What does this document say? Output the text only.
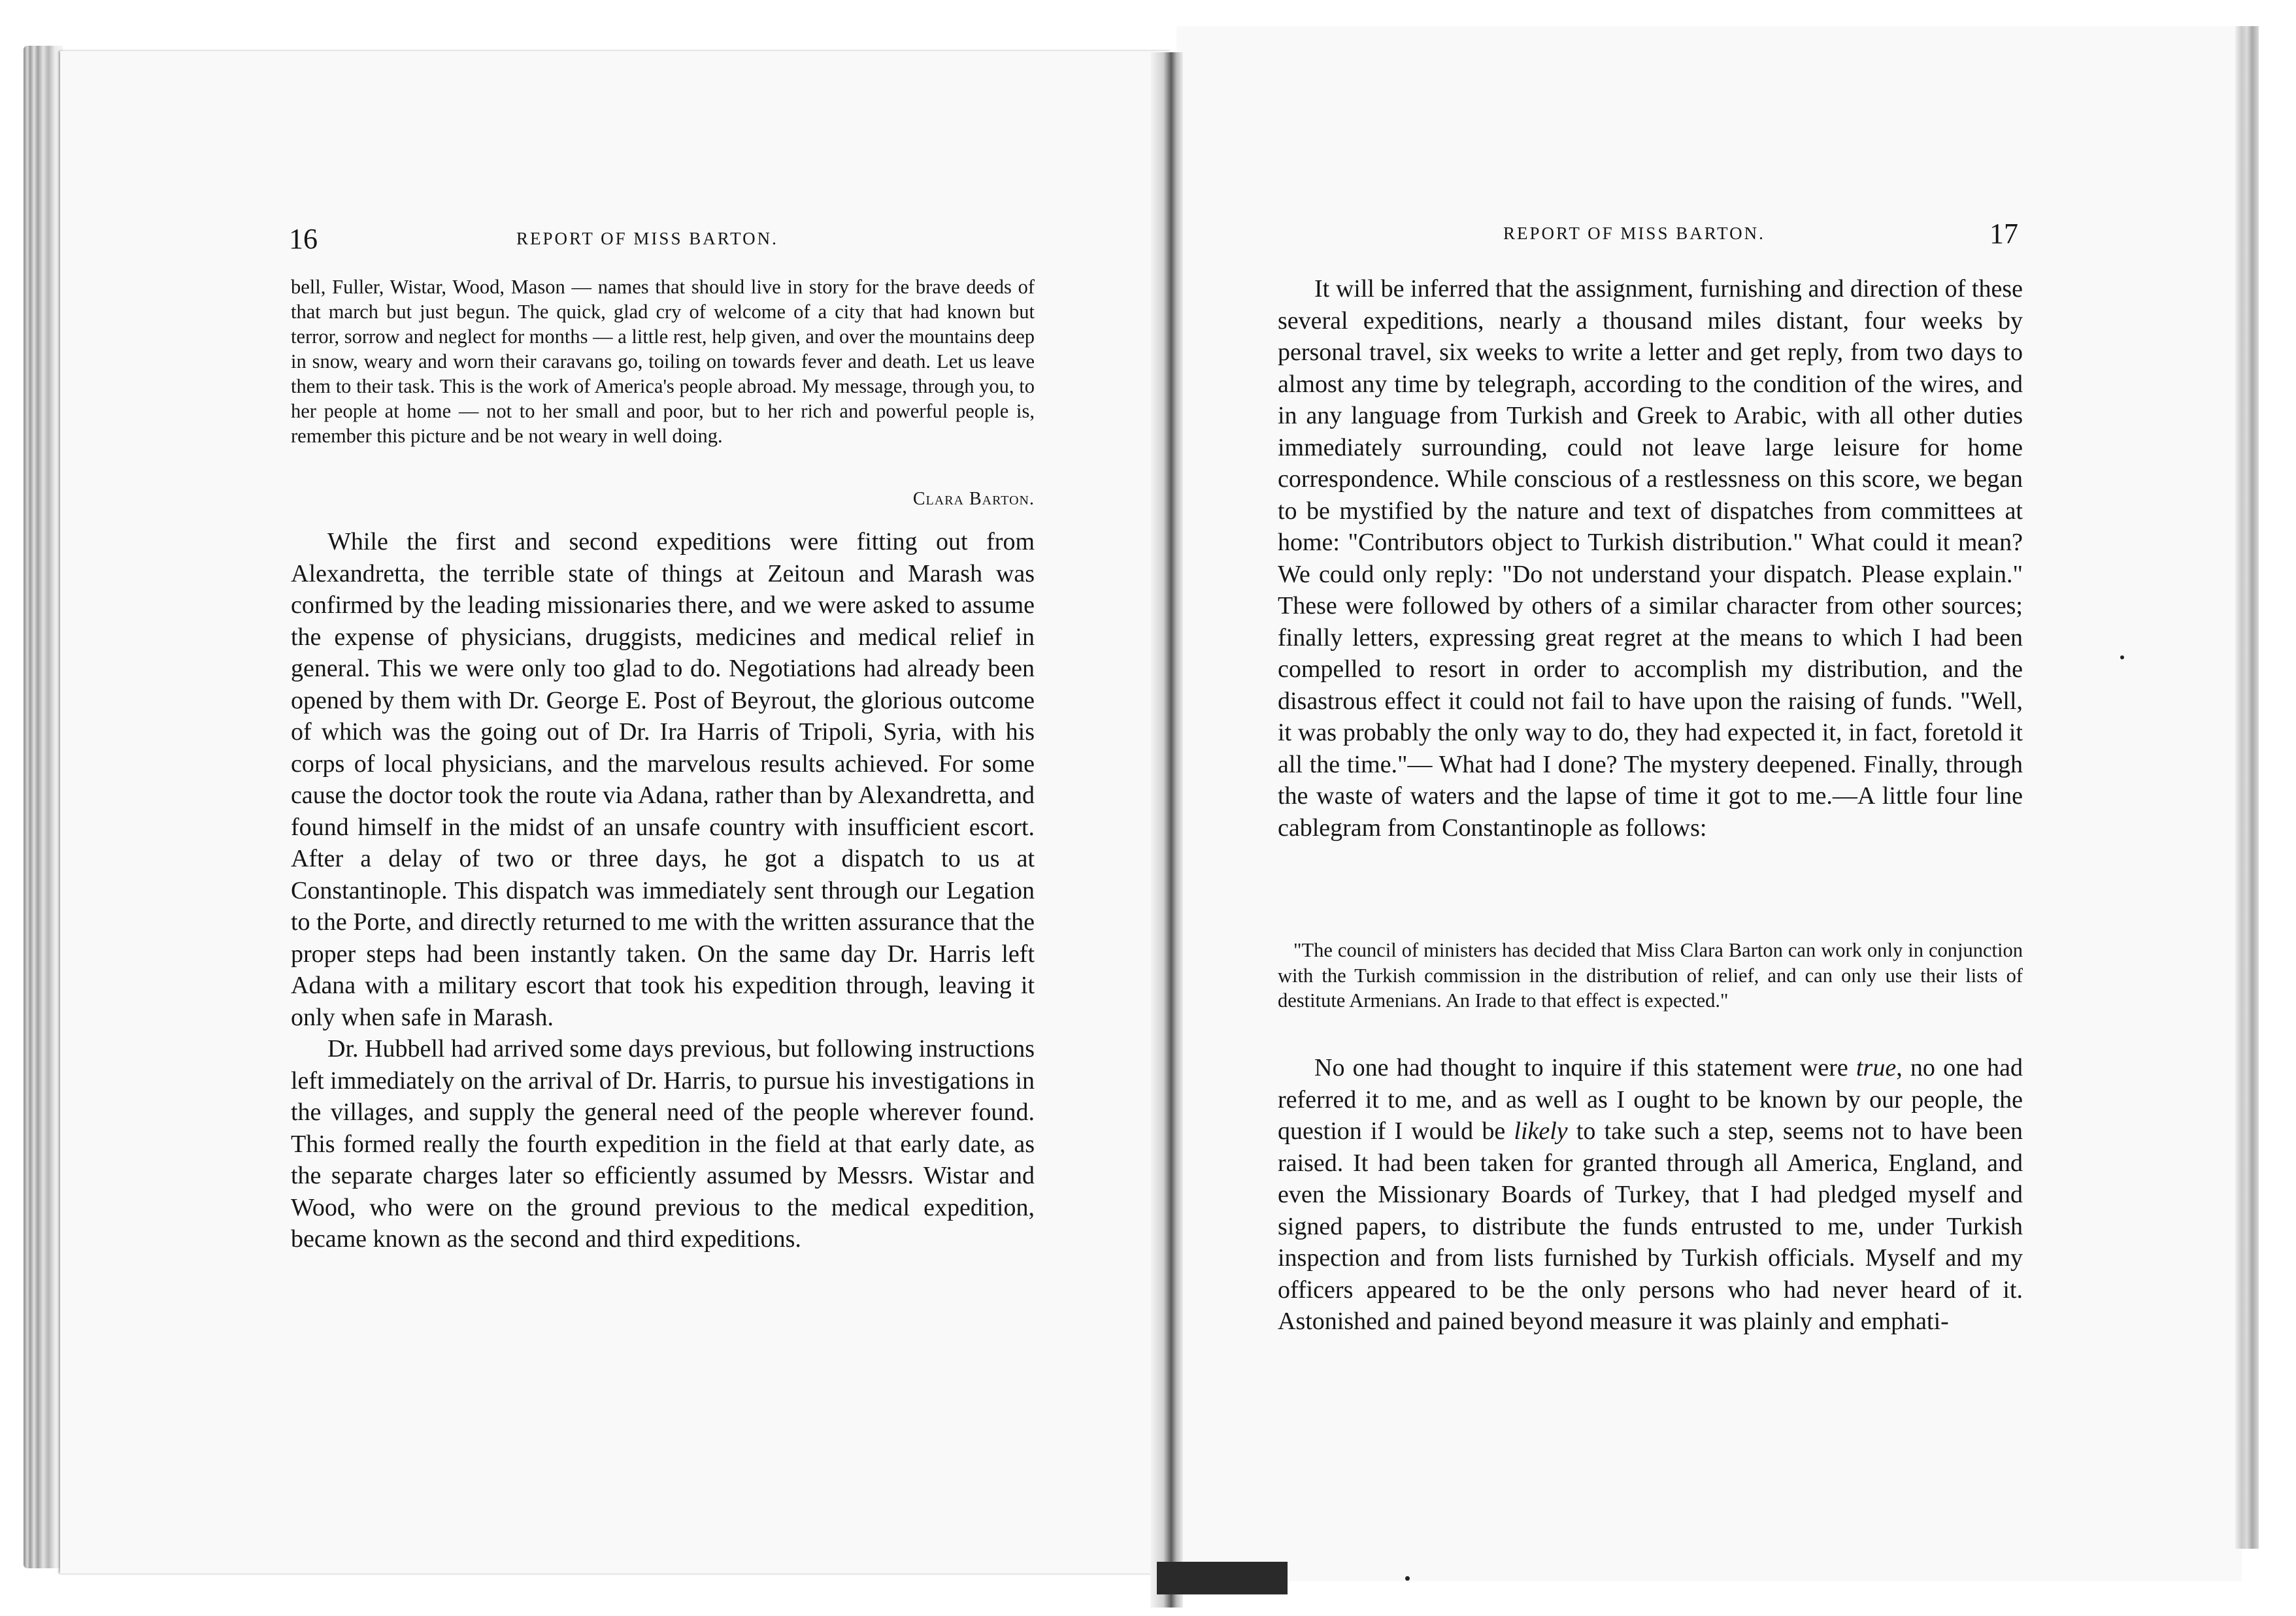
16	REPORT OF MISS BARTON.
bell, Fuller, Wistar, Wood, Mason — names that should live in story for the brave deeds of that march but just begun. The quick, glad cry of welcome of a city that had known but terror, sorrow and neglect for months — a little rest, help given, and over the mountains deep in snow, weary and worn their caravans go, toiling on towards fever and death. Let us leave them to their task. This is the work of America's people abroad. My message, through you, to her people at home — not to her small and poor, but to her rich and powerful people is, remember this picture and be not weary in well doing.
Clara Barton.

While the first and second expeditions were fitting out from Alexandretta, the terrible state of things at Zeitoun and Marash was confirmed by the leading missionaries there, and we were asked to assume the expense of physicians, druggists, medicines and medical relief in general. This we were only too glad to do. Negotiations had already been opened by them with Dr. George E. Post of Beyrout, the glorious outcome of which was the going out of Dr. Ira Harris of Tripoli, Syria, with his corps of local physicians, and the marvelous results achieved. For some cause the doctor took the route via Adana, rather than by Alexandretta, and found himself in the midst of an unsafe country with insufficient escort. After a delay of two or three days, he got a dispatch to us at Constantinople. This dispatch was immediately sent through our Legation to the Porte, and directly returned to me with the written assurance that the proper steps had been instantly taken. On the same day Dr. Harris left Adana with a military escort that took his expedition through, leaving it only when safe in Marash.

Dr. Hubbell had arrived some days previous, but following instructions left immediately on the arrival of Dr. Harris, to pursue his investigations in the villages, and supply the general need of the people wherever found. This formed really the fourth expedition in the field at that early date, as the separate charges later so efficiently assumed by Messrs. Wistar and Wood, who were on the ground previous to the medical expedition, became known as the second and third expeditions.

REPORT OF MISS BARTON.	17

It will be inferred that the assignment, furnishing and direction of these several expeditions, nearly a thousand miles distant, four weeks by personal travel, six weeks to write a letter and get reply, from two days to almost any time by telegraph, according to the condition of the wires, and in any language from Turkish and Greek to Arabic, with all other duties immediately surrounding, could not leave large leisure for home correspondence. While conscious of a restlessness on this score, we began to be mystified by the nature and text of dispatches from committees at home: "Contributors object to Turkish distribution." What could it mean? We could only reply: "Do not understand your dispatch. Please explain." These were followed by others of a similar character from other sources; finally letters, expressing great regret at the means to which I had been compelled to resort in order to accomplish my distribution, and the disastrous effect it could not fail to have upon the raising of funds. "Well, it was probably the only way to do, they had expected it, in fact, foretold it all the time."— What had I done? The mystery deepened. Finally, through the waste of waters and the lapse of time it got to me.—A little four line cablegram from Constantinople as follows:

"The council of ministers has decided that Miss Clara Barton can work only in conjunction with the Turkish commission in the distribution of relief, and can only use their lists of destitute Armenians. An Irade to that effect is expected."

No one had thought to inquire if this statement were true, no one had referred it to me, and as well as I ought to be known by our people, the question if I would be likely to take such a step, seems not to have been raised. It had been taken for granted through all America, England, and even the Missionary Boards of Turkey, that I had pledged myself and signed papers, to distribute the funds entrusted to me, under Turkish inspection and from lists furnished by Turkish officials. Myself and my officers appeared to be the only persons who had never heard of it. Astonished and pained beyond measure it was plainly and emphati-
